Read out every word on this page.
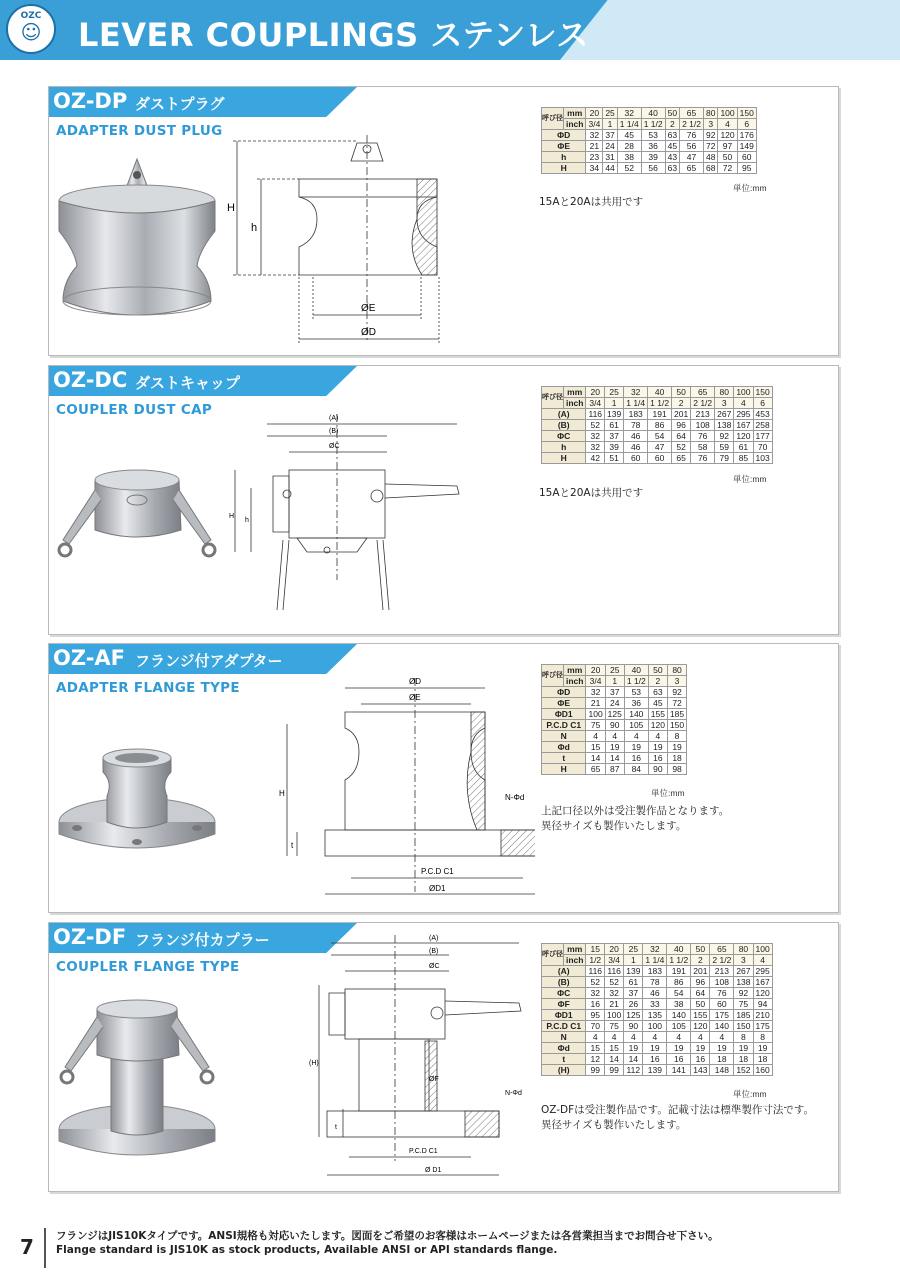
OZC
☺	LEVER COUPLINGS ステンレス
OZ-DP ダストプラグ
ADAPTER DUST PLUG
H
h
ØE
ØD
呼び径	mm	20	25	32	40	50	65	80	100	150
	inch	3/4	1	1 1/4	1 1/2	2	2 1/2	3	4	6
ΦD		32	37	45	53	63	76	92	120	176
ΦE		21	24	28	36	45	56	72	97	149
h		23	31	38	39	43	47	48	50	60
H		34	44	52	56	63	65	68	72	95
単位:mm
15Aと20Aは共用です
OZ-DC ダストキャップ
COUPLER DUST CAP
(A)
(B)
ØC
H
h
呼び径	mm	20	25	32	40	50	65	80	100	150
	inch	3/4	1	1 1/4	1 1/2	2	2 1/2	3	4	6
(A)		116	139	183	191	201	213	267	295	453
(B)		52	61	78	86	96	108	138	167	258
ΦC		32	37	46	54	64	76	92	120	177
h		32	39	46	47	52	58	59	61	70
H		42	51	60	60	65	76	79	85	103
単位:mm
15Aと20Aは共用です
OZ-AF フランジ付アダプター
ADAPTER FLANGE TYPE	ØD
ØE
H
t
P.C.D C1
ØD1
N-Φd
呼び径	mm	20	25	40	50	80
	inch	3/4	1	1 1/2	2	3
ΦD		32	37	53	63	92
ΦE		21	24	36	45	72
ΦD1		100	125	140	155	185
P.C.D C1		75	90	105	120	150
N		4	4	4	4	8
Φd		15	19	19	19	19
t		14	14	16	16	18
H		65	87	84	90	98
単位:mm
上記口径以外は受注製作品となります。
異径サイズも製作いたします。
OZ-DF フランジ付カプラー
COUPLER FLANGE TYPE
(A)
(B)
ØC
(H)
ØF
t
P.C.D C1
Ø D1
N-Φd
呼び径	mm	15	20	25	32	40	50	65	80	100
	inch	1/2	3/4	1	1 1/4	1 1/2	2	2 1/2	3	4
(A)		116	116	139	183	191	201	213	267	295
(B)		52	52	61	78	86	96	108	138	167
ΦC		32	32	37	46	54	64	76	92	120
ΦF		16	21	26	33	38	50	60	75	94
ΦD1		95	100	125	135	140	155	175	185	210
P.C.D C1		70	75	90	100	105	120	140	150	175
N		4	4	4	4	4	4	4	8	8
Φd		15	15	19	19	19	19	19	19	19
t		12	14	14	16	16	16	18	18	18
(H)		99	99	112	139	141	143	148	152	160
単位:mm
OZ-DFは受注製作品です。記載寸法は標準製作寸法です。
異径サイズも製作いたします。
7 フランジはJIS10Kタイプです。ANSI規格も対応いたします。図面をご希望のお客様はホームページまたは各営業担当までお問合せ下さい。
Flange standard is JIS10K as stock products, Available ANSI or API standards flange.
